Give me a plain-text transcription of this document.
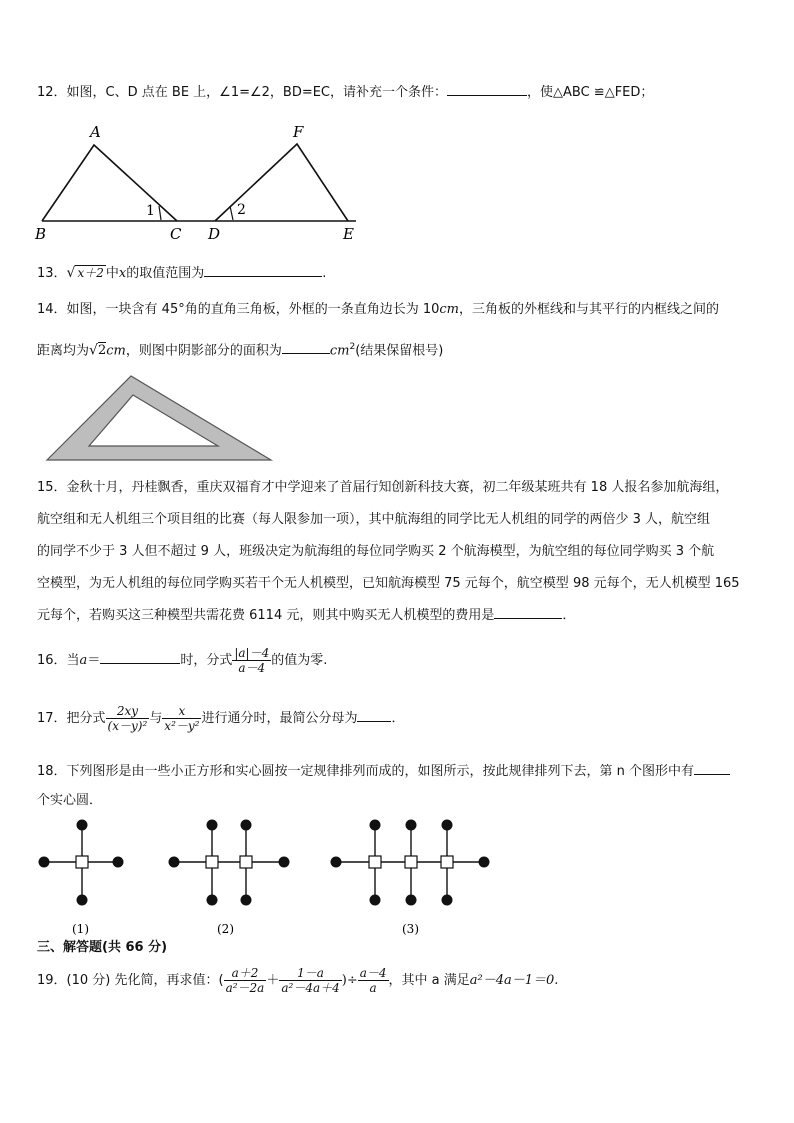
12．如图，C、D 点在 BE 上，∠1=∠2，BD=EC，请补充一个条件：	，使△ABC ≌△FED；
A	F
B	C D	E
1	2
13．√ x＋2 中x的取值范围为	.
14．如图，一块含有 45°角的直角三角板，外框的一条直角边长为 10cm，三角板的外框线和与其平行的内框线之间的
距离均为√2cm，则图中阴影部分的面积为	$cm^2$(结果保留根号)
15．金秋十月，丹桂飘香，重庆双福育才中学迎来了首届行知创新科技大赛，初二年级某班共有 18 人报名参加航海组，
航空组和无人机组三个项目组的比赛（每人限参加一项），其中航海组的同学比无人机组的同学的两倍少 3 人，航空组
的同学不少于 3 人但不超过 9 人，班级决定为航海组的每位同学购买 2 个航海模型，为航空组的每位同学购买 3 个航
空模型，为无人机组的每位同学购买若干个无人机模型，已知航海模型 75 元每个，航空模型 98 元每个，无人机模型 165
元每个，若购买这三种模型共需花费 6114 元，则其中购买无人机模型的费用是	．
16．当a＝	时，分式 $\frac{|a|-4}{a-4}$ 的值为零.
17．把分式 $\frac{2xy}{\text{(x－y)²}}$ 与 $\frac{x}{\text{x²－y²}}$ 进行通分时，最简公分母为	．
18．下列图形是由一些小正方形和实心圆按一定规律排列而成的，如图所示，按此规律排列下去，第 n 个图形中有
个实心圆．
(1)	(2)	(3)
三、解答题(共 66 分)
19．(10 分) 先化简，再求值：( $\frac{a+2}{\text{a²－2a}} + \frac{1-a}{\text{a²－4a＋4}}$ )÷ $\frac{a-4}{a}$ ，其中 a 满足a²－4a－1＝0.
